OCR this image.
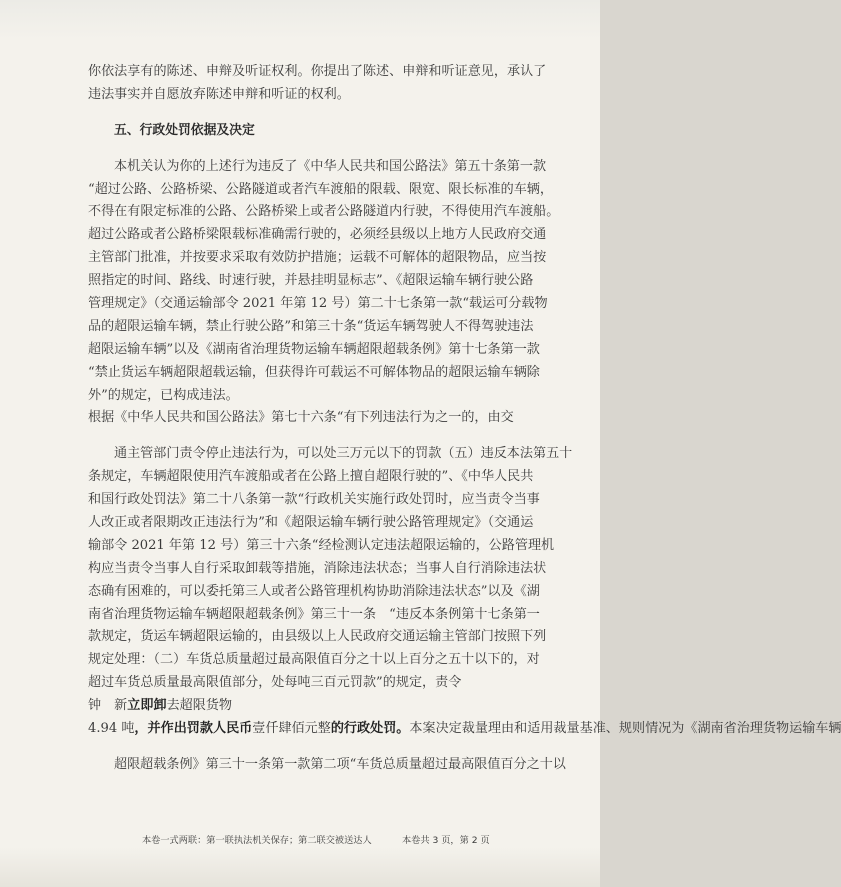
你依法享有的陈述、申辩及听证权利。你提出了陈述、申辩和听证意见，承认了
违法事实并自愿放弃陈述申辩和听证的权利。
五、行政处罚依据及决定
本机关认为你的上述行为违反了《中华人民共和国公路法》第五十条第一款
“超过公路、公路桥梁、公路隧道或者汽车渡船的限载、限宽、限长标准的车辆，
不得在有限定标准的公路、公路桥梁上或者公路隧道内行驶，不得使用汽车渡船。
超过公路或者公路桥梁限载标准确需行驶的，必须经县级以上地方人民政府交通
主管部门批准，并按要求采取有效防护措施；运载不可解体的超限物品，应当按
照指定的时间、路线、时速行驶，并悬挂明显标志”、《超限运输车辆行驶公路
管理规定》（交通运输部令 2021 年第 12 号）第二十七条第一款“载运可分载物
品的超限运输车辆，禁止行驶公路”和第三十条“货运车辆驾驶人不得驾驶违法
超限运输车辆”以及《湖南省治理货物运输车辆超限超载条例》第十七条第一款
“禁止货运车辆超限超载运输，但获得许可载运不可解体物品的超限运输车辆除
外”的规定，已构成违法。
根据《中华人民共和国公路法》第七十六条“有下列违法行为之一的，由交
通主管部门责令停止违法行为，可以处三万元以下的罚款（五）违反本法第五十
条规定，车辆超限使用汽车渡船或者在公路上擅自超限行驶的”、《中华人民共
和国行政处罚法》第二十八条第一款“行政机关实施行政处罚时，应当责令当事
人改正或者限期改正违法行为”和《超限运输车辆行驶公路管理规定》（交通运
输部令 2021 年第 12 号）第三十六条“经检测认定违法超限运输的，公路管理机
构应当责令当事人自行采取卸载等措施，消除违法状态；当事人自行消除违法状
态确有困难的，可以委托第三人或者公路管理机构协助消除违法状态”以及《湖
南省治理货物运输车辆超限超载条例》第三十一条　“违反本条例第十七条第一
款规定，货运车辆超限运输的，由县级以上人民政府交通运输主管部门按照下列
规定处理：（二）车货总质量超过最高限值百分之十以上百分之五十以下的，对
超过车货总质量最高限值部分，处每吨三百元罚款”的规定，责令
钟　新立即卸去超限货物
4.94 吨，并作出罚款人民币壹仟肆佰元整的行政处罚。本案决定裁量理由和适用裁量基准、规则情况为《湖南省治理货物运输车辆
超限超载条例》第三十一条第一款第二项“车货总质量超过最高限值百分之十以
本卷一式两联：第一联执法机关保存；第二联交被送达人	本卷共 3 页，第 2 页
